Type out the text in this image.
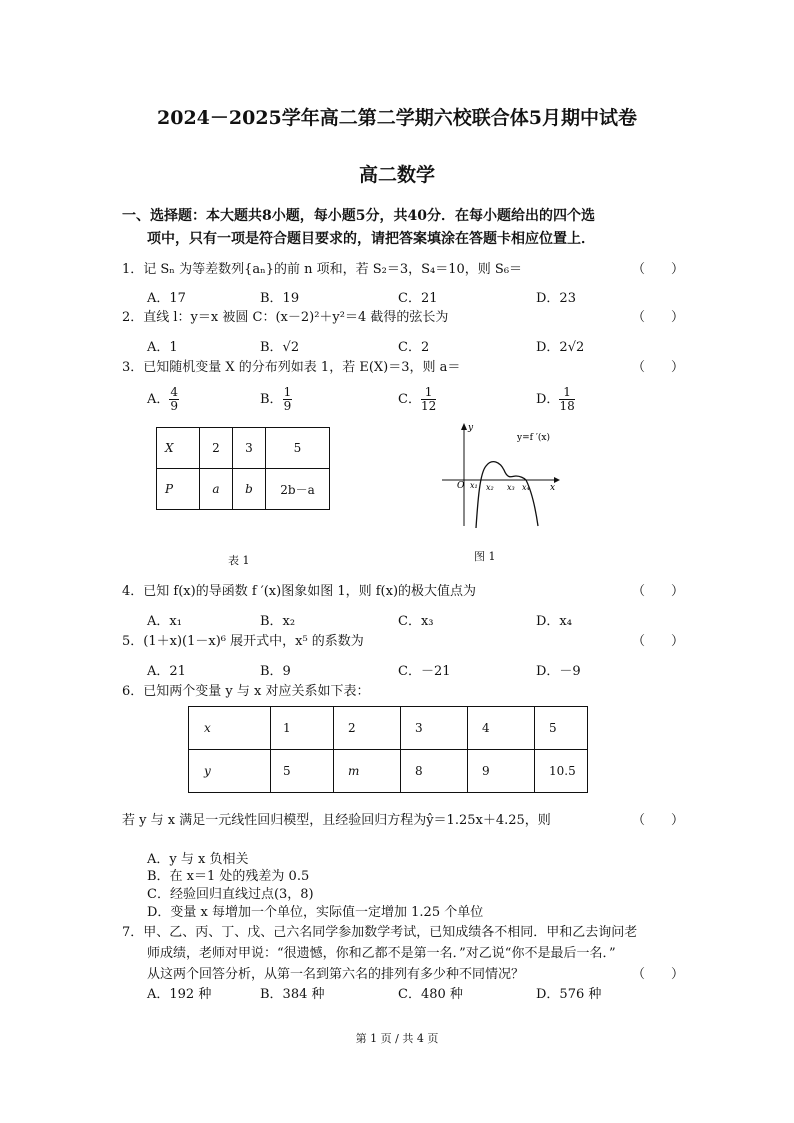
2024－2025学年高二第二学期六校联合体5月期中试卷
高二数学
一、选择题：本大题共8小题，每小题5分，共40分．在每小题给出的四个选
项中，只有一项是符合题目要求的，请把答案填涂在答题卡相应位置上．
1．记 Sₙ 为等差数列{aₙ}的前 n 项和，若 S₂＝3，S₄＝10，则 S₆＝	（　　）
A．17	B．19	C．21	D．23
2．直线 l：y＝x 被圆 C：(x－2)²＋y²＝4 截得的弦长为	（　　）
A．1	B．√2	C．2	D．2√2
3．已知随机变量 X 的分布列如表 1，若 E(X)＝3，则 a＝	（　　）
A． $\frac{4}{9}$	B． $\frac{1}{9}$	C． $\frac{1}{12}$	D． $\frac{1}{18}$
X	2	3	5
P	a	b	2b－a
表 1
y=f ′(x)
y
x
O x₁ x₂ x₃ x₄
图 1
4．已知 f(x)的导函数 f ′(x)图象如图 1，则 f(x)的极大值点为	（　　）
A．x₁	B．x₂	C．x₃	D．x₄
5．(1＋x)(1－x)⁶ 展开式中，x⁵ 的系数为	（　　）
A．21	B．9	C．－21	D．－9
6．已知两个变量 y 与 x 对应关系如下表：
x	1	2	3	4	5
y	5	m	8	9	10.5
若 y 与 x 满足一元线性回归模型，且经验回归方程为ŷ＝1.25x＋4.25，则	（　　）
A．y 与 x 负相关
B．在 x＝1 处的残差为 0.5
C．经验回归直线过点(3，8)
D．变量 x 每增加一个单位，实际值一定增加 1.25 个单位
7．甲、乙、丙、丁、戊、己六名同学参加数学考试，已知成绩各不相同．甲和乙去询问老
师成绩，老师对甲说：“很遗憾，你和乙都不是第一名．”对乙说“你不是最后一名．”
从这两个回答分析，从第一名到第六名的排列有多少种不同情况？	（　　）
A．192 种	B．384 种	C．480 种	D．576 种
第 1 页 / 共 4 页
